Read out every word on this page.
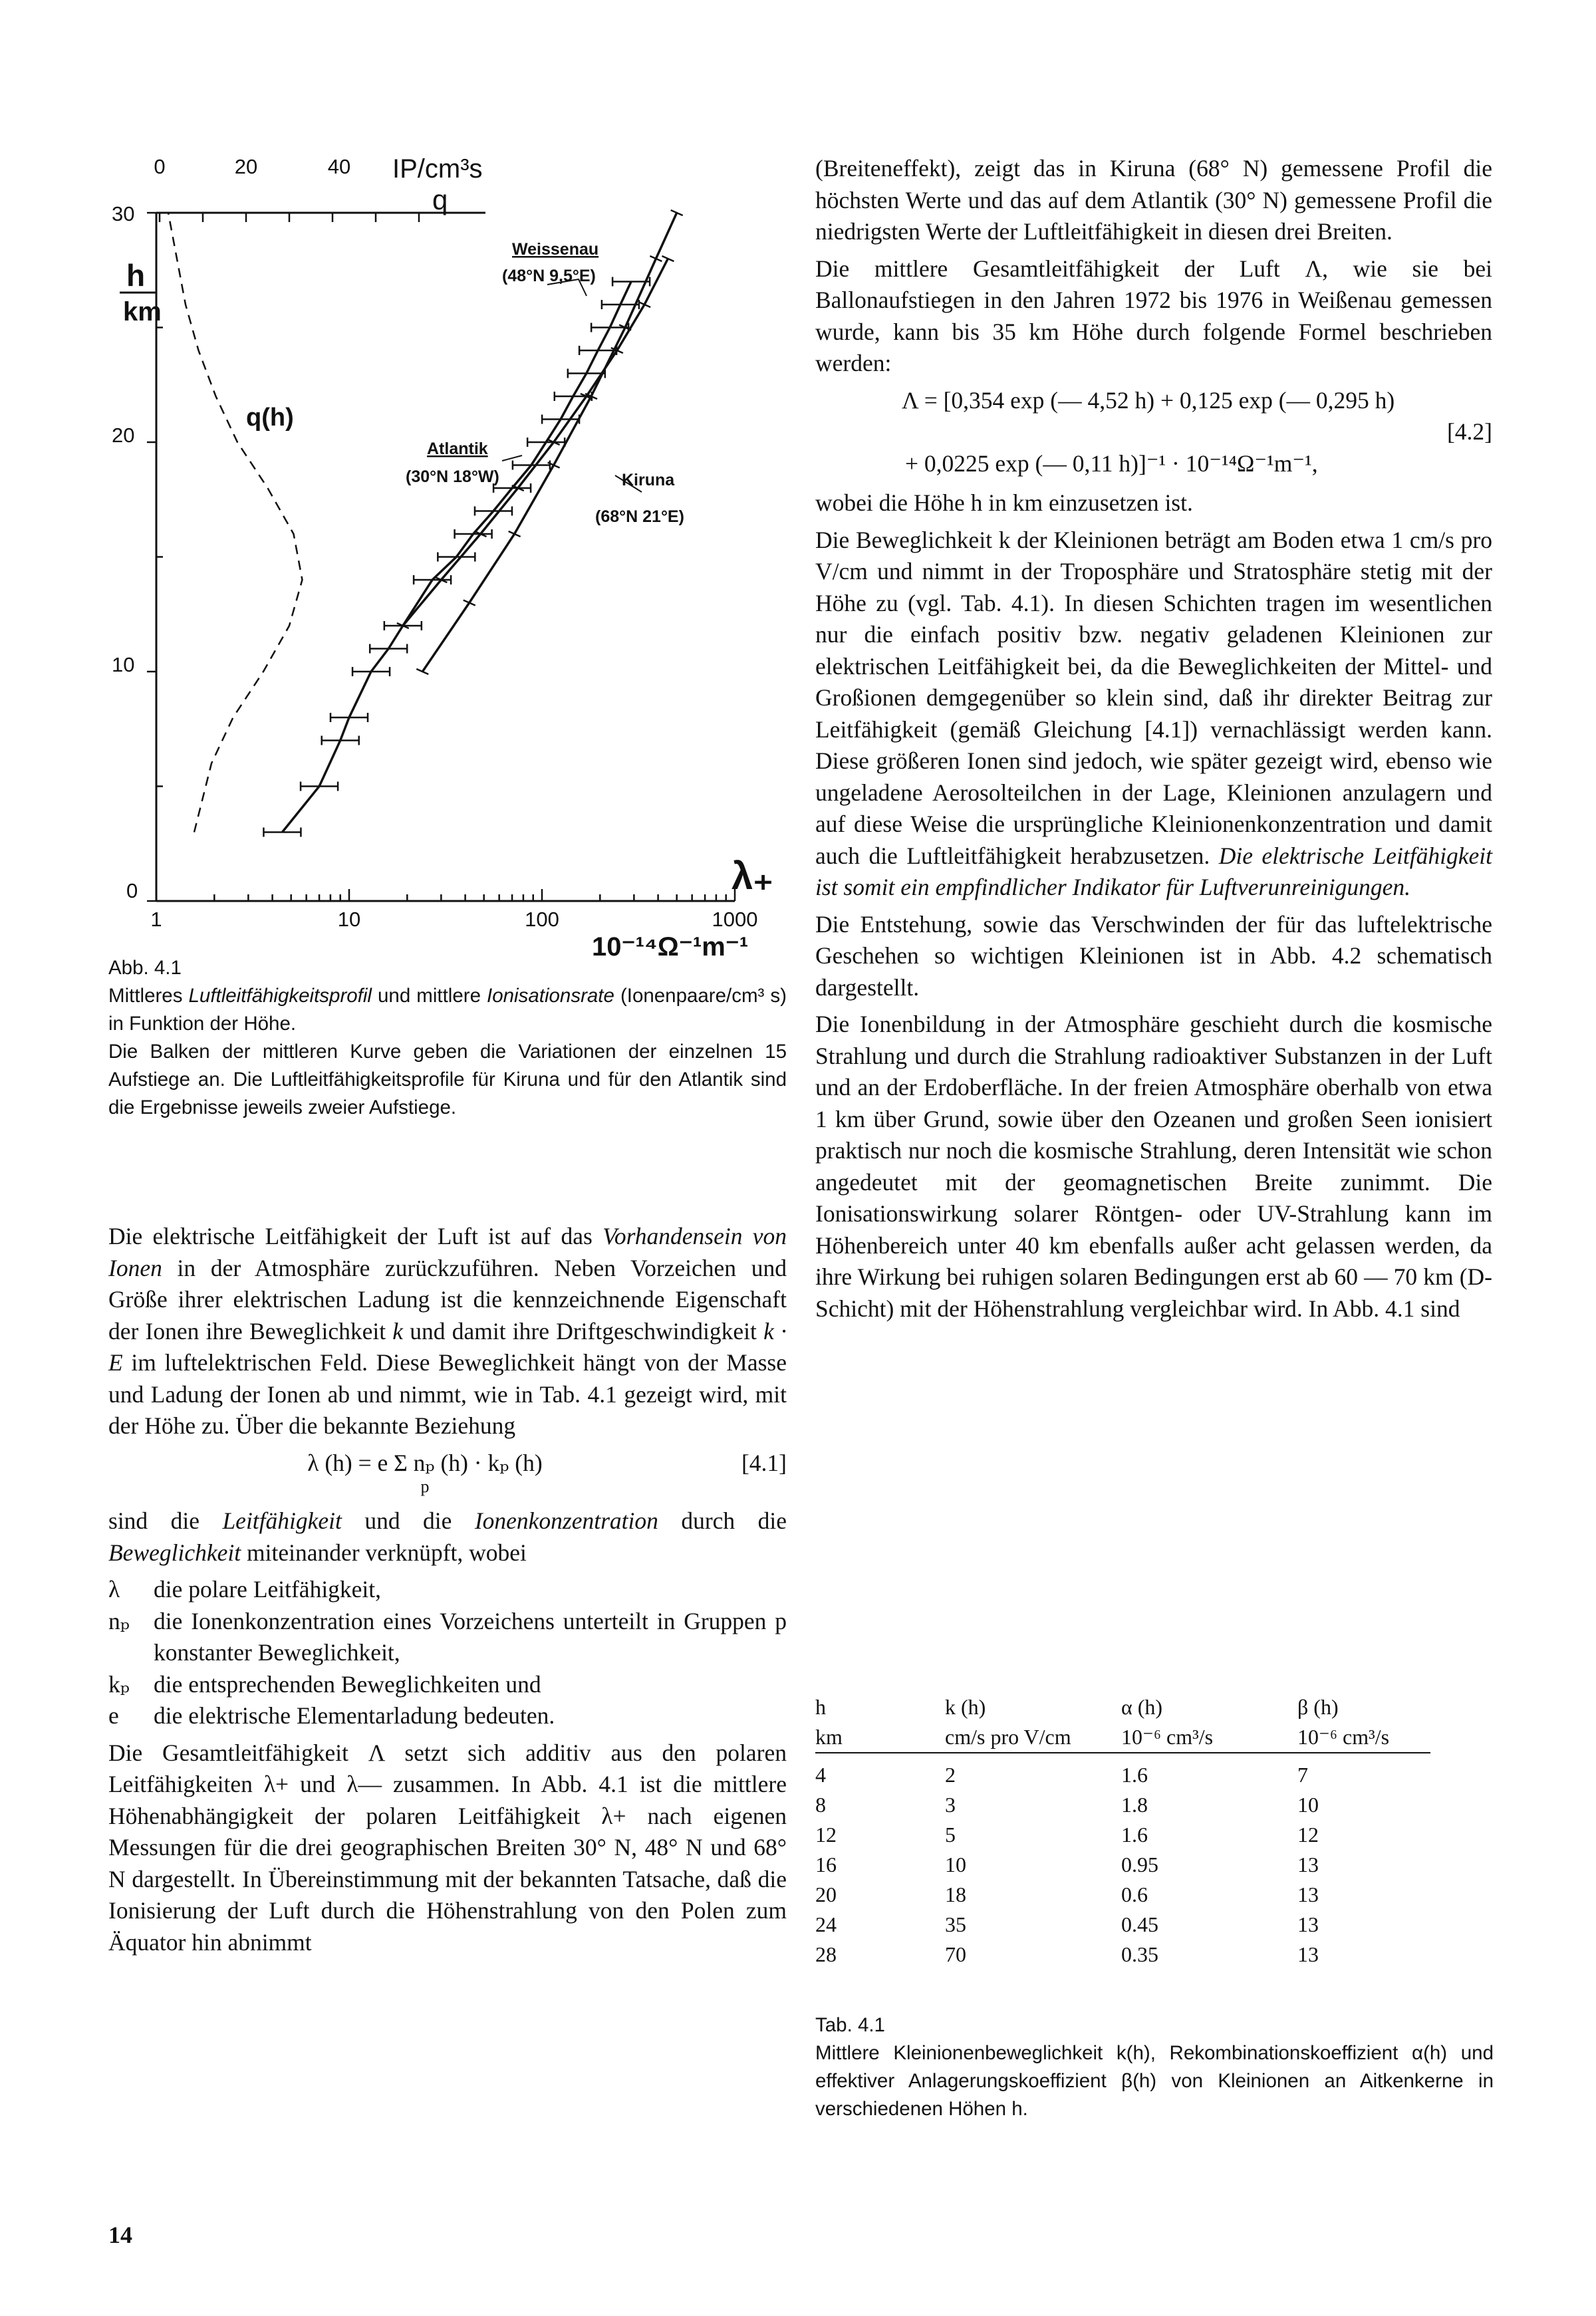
0	20	40 IP/cm³s
q
30
20
10
0
h
km
1	10	100	1000
λ₊
10⁻¹⁴Ω⁻¹m⁻¹
q(h)
Weissenau
(48°N 9,5°E)
Atlantik
(30°N 18°W)	Kiruna
(68°N 21°E)

Abb. 4.1

Mittleres Luftleitfähigkeitsprofil und mittlere Ionisationsrate (Ionenpaare/cm³ s) in Funktion der Höhe.

Die Balken der mittleren Kurve geben die Variationen der einzelnen 15 Aufstiege an. Die Luftleitfähigkeitsprofile für Kiruna und für den Atlantik sind die Ergebnisse jeweils zweier Aufstiege.

Die elektrische Leitfähigkeit der Luft ist auf das Vorhandensein von Ionen in der Atmosphäre zurückzuführen. Neben Vorzeichen und Größe ihrer elektrischen Ladung ist die kennzeichnende Eigenschaft der Ionen ihre Beweglichkeit k und damit ihre Driftgeschwindigkeit k · E im luftelektrischen Feld. Diese Beweglichkeit hängt von der Masse und Ladung der Ionen ab und nimmt, wie in Tab. 4.1 gezeigt wird, mit der Höhe zu. Über die bekannte Beziehung

λ (h) = e Σ nₚ (h) · kₚ (h)
p
[4.1]

sind die Leitfähigkeit und die Ionenkonzentration durch die Beweglichkeit miteinander verknüpft, wobei

λ	die polare Leitfähigkeit,
nₚ	die Ionenkonzentration eines Vorzeichens unterteilt in Gruppen p konstanter Beweglichkeit,
kₚ	die entsprechenden Beweglichkeiten und
e	die elektrische Elementarladung bedeuten.

Die Gesamtleitfähigkeit Λ setzt sich additiv aus den polaren Leitfähigkeiten λ+ und λ— zusammen. In Abb. 4.1 ist die mittlere Höhenabhängigkeit der polaren Leitfähigkeit λ+ nach eigenen Messungen für die drei geographischen Breiten 30° N, 48° N und 68° N dargestellt. In Übereinstimmung mit der bekannten Tatsache, daß die Ionisierung der Luft durch die Höhenstrahlung von den Polen zum Äquator hin abnimmt

(Breiteneffekt), zeigt das in Kiruna (68° N) gemessene Profil die höchsten Werte und das auf dem Atlantik (30° N) gemessene Profil die niedrigsten Werte der Luftleitfähigkeit in diesen drei Breiten.

Die mittlere Gesamtleitfähigkeit der Luft Λ, wie sie bei Ballonaufstiegen in den Jahren 1972 bis 1976 in Weißenau gemessen wurde, kann bis 35 km Höhe durch folgende Formel beschrieben werden:

Λ = [0,354 exp (— 4,52 h) + 0,125 exp (— 0,295 h)
[4.2]
+ 0,0225 exp (— 0,11 h)]⁻¹ · 10⁻¹⁴Ω⁻¹m⁻¹,

wobei die Höhe h in km einzusetzen ist.

Die Beweglichkeit k der Kleinionen beträgt am Boden etwa 1 cm/s pro V/cm und nimmt in der Troposphäre und Stratosphäre stetig mit der Höhe zu (vgl. Tab. 4.1). In diesen Schichten tragen im wesentlichen nur die einfach positiv bzw. negativ geladenen Kleinionen zur elektrischen Leitfähigkeit bei, da die Beweglichkeiten der Mittel- und Großionen demgegenüber so klein sind, daß ihr direkter Beitrag zur Leitfähigkeit (gemäß Gleichung [4.1]) vernachlässigt werden kann. Diese größeren Ionen sind jedoch, wie später gezeigt wird, ebenso wie ungeladene Aerosolteilchen in der Lage, Kleinionen anzulagern und auf diese Weise die ursprüngliche Kleinionenkonzentration und damit auch die Luftleitfähigkeit herabzusetzen. Die elektrische Leitfähigkeit ist somit ein empfindlicher Indikator für Luftverunreinigungen.

Die Entstehung, sowie das Verschwinden der für das luftelektrische Geschehen so wichtigen Kleinionen ist in Abb. 4.2 schematisch dargestellt.

Die Ionenbildung in der Atmosphäre geschieht durch die kosmische Strahlung und durch die Strahlung radioaktiver Substanzen in der Luft und an der Erdoberfläche. In der freien Atmosphäre oberhalb von etwa 1 km über Grund, sowie über den Ozeanen und großen Seen ionisiert praktisch nur noch die kosmische Strahlung, deren Intensität wie schon angedeutet mit der geomagnetischen Breite zunimmt. Die Ionisationswirkung solarer Röntgen- oder UV-Strahlung kann im Höhenbereich unter 40 km ebenfalls außer acht gelassen werden, da ihre Wirkung bei ruhigen solaren Bedingungen erst ab 60 — 70 km (D-Schicht) mit der Höhenstrahlung vergleichbar wird. In Abb. 4.1 sind

h	k (h)	α (h)	β (h)
km	cm/s pro V/cm	10⁻⁶ cm³/s	10⁻⁶ cm³/s
4	2	1.6	7
8	3	1.8	10
12	5	1.6	12
16	10	0.95	13
20	18	0.6	13
24	35	0.45	13
28	70	0.35	13

Tab. 4.1

Mittlere Kleinionenbeweglichkeit k(h), Rekombinationskoeffizient α(h) und effektiver Anlagerungskoeffizient β(h) von Kleinionen an Aitkenkerne in verschiedenen Höhen h.

14
